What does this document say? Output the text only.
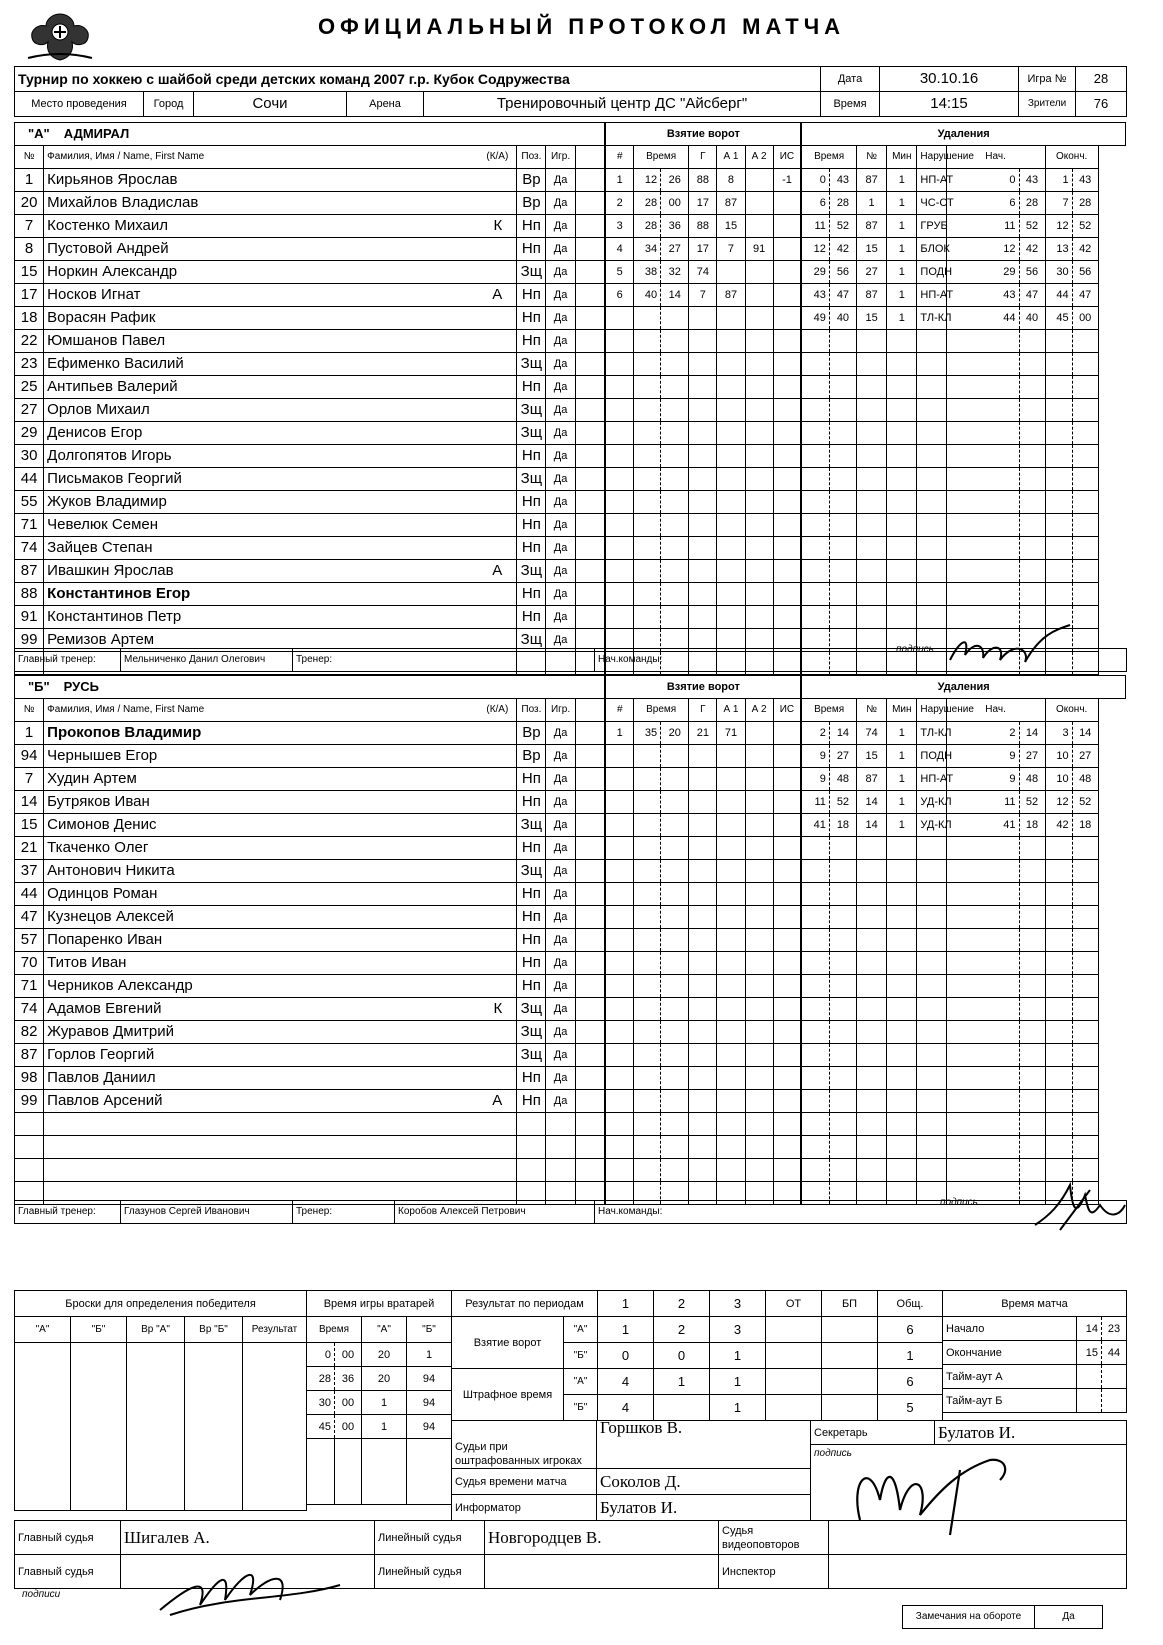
ОФИЦИАЛЬНЫЙ ПРОТОКОЛ МАТЧА
Турнир по хоккею с шайбой среди детских команд 2007 г.р. Кубок Содружества					Дата	30.10.16	Игра №	28
Место проведения	Город	Сочи	Арена	Тренировочный центр ДС "Айсберг"	Время	14:15	Зрители	76
"А" АДМИРАЛ					Взятие ворот							Удаления								
№	Фамилия, Имя / Name, First Name (К/А)	Поз.	Игр.		#	Время		Г	А 1	А 2	ИС	Время		№	Мин	Нарушение	Нач.		Оконч.	
1	Кирьянов Ярослав	Вр	Да		1	12	26	88	8		-1	0	43	87	1	НП-АТ	0	43	1	43
20	Михайлов Владислав	Вр	Да		2	28	00	17	87			6	28	1	1	ЧС-СТ	6	28	7	28
7	Костенко Михаил К	Нп	Да		3	28	36	88	15			11	52	87	1	ГРУБ	11	52	12	52
8	Пустовой Андрей	Нп	Да		4	34	27	17	7	91		12	42	15	1	БЛОК	12	42	13	42
15	Норкин Александр	Зщ	Да		5	38	32	74				29	56	27	1	ПОДН	29	56	30	56
17	Носков Игнат А	Нп	Да		6	40	14	7	87			43	47	87	1	НП-АТ	43	47	44	47
18	Ворасян Рафик	Нп	Да									49	40	15	1	ТЛ-КЛ	44	40	45	00
22	Юмшанов Павел	Нп	Да																	
23	Ефименко Василий	Зщ	Да																	
25	Антипьев Валерий	Нп	Да																	
27	Орлов Михаил	Зщ	Да																	
29	Денисов Егор	Зщ	Да																	
30	Долгопятов Игорь	Нп	Да																	
44	Письмаков Георгий	Зщ	Да																	
55	Жуков Владимир	Нп	Да																	
71	Чевелюк Семен	Нп	Да																	
74	Зайцев Степан	Нп	Да																	
87	Ивашкин Ярослав А	Зщ	Да																	
88	Константинов Егор	Нп	Да																	
91	Константинов Петр	Нп	Да																	
99	Ремизов Артем	Зщ	Да																	

Главный тренер:	Мельниченко Данил Олегович	Тренер:	Нач.команды:
подпись
"Б" РУСЬ					Взятие ворот							Удаления								
№	Фамилия, Имя / Name, First Name (К/А)	Поз.	Игр.		#	Время		Г	А 1	А 2	ИС	Время		№	Мин	Нарушение	Нач.		Оконч.	
1	Прокопов Владимир	Вр	Да		1	35	20	21	71			2	14	74	1	ТЛ-КЛ	2	14	3	14
94	Чернышев Егор	Вр	Да									9	27	15	1	ПОДН	9	27	10	27
7	Худин Артем	Нп	Да									9	48	87	1	НП-АТ	9	48	10	48
14	Бутряков Иван	Нп	Да									11	52	14	1	УД-КЛ	11	52	12	52
15	Симонов Денис	Зщ	Да									41	18	14	1	УД-КЛ	41	18	42	18
21	Ткаченко Олег	Нп	Да																	
37	Антонович Никита	Зщ	Да																	
44	Одинцов Роман	Нп	Да																	
47	Кузнецов Алексей	Нп	Да																	
57	Попаренко Иван	Нп	Да																	
70	Титов Иван	Нп	Да																	
71	Черников Александр	Нп	Да																	
74	Адамов Евгений К	Зщ	Да																	
82	Журавов Дмитрий	Зщ	Да																	
87	Горлов Георгий	Зщ	Да																	
98	Павлов Даниил	Нп	Да																	
99	Павлов Арсений А	Нп	Да																	

Главный тренер:	Глазунов Сергей Иванович	Тренер:	Коробов Алексей Петрович	Нач.команды:
подпись
Броски для определения победителя				
"А"	"Б"	Вр "А"	Вр "Б"	Результат

Время игры вратарей			
Время		"А"	"Б"
0	00	20	1
28	36	20	94
30	00	1	94
45	00	1	94

Результат по периодам		1	2	3	ОТ	БП	Общ.
Взятие ворот	"А"	1	2	3			6
	"Б"	0	0	1			1
Штрафное время	"А"	4	1	1			6
	"Б"	4		1			5
Время матча		
Начало	14	23
Окончание	15	44
Тайм-аут А		
Тайм-аут Б		
Судьи при оштрафованных игроках	Горшков В.
Судья времени матча	Соколов Д.
Информатор	Булатов И.
Секретарь	Булатов И.
подпись
Главный судья	Шигалев А.	Линейный судья	Новгородцев В.	Судья видеоповторов	
Главный судья		Линейный судья		Инспектор	
подписи
Замечания на обороте	Да
